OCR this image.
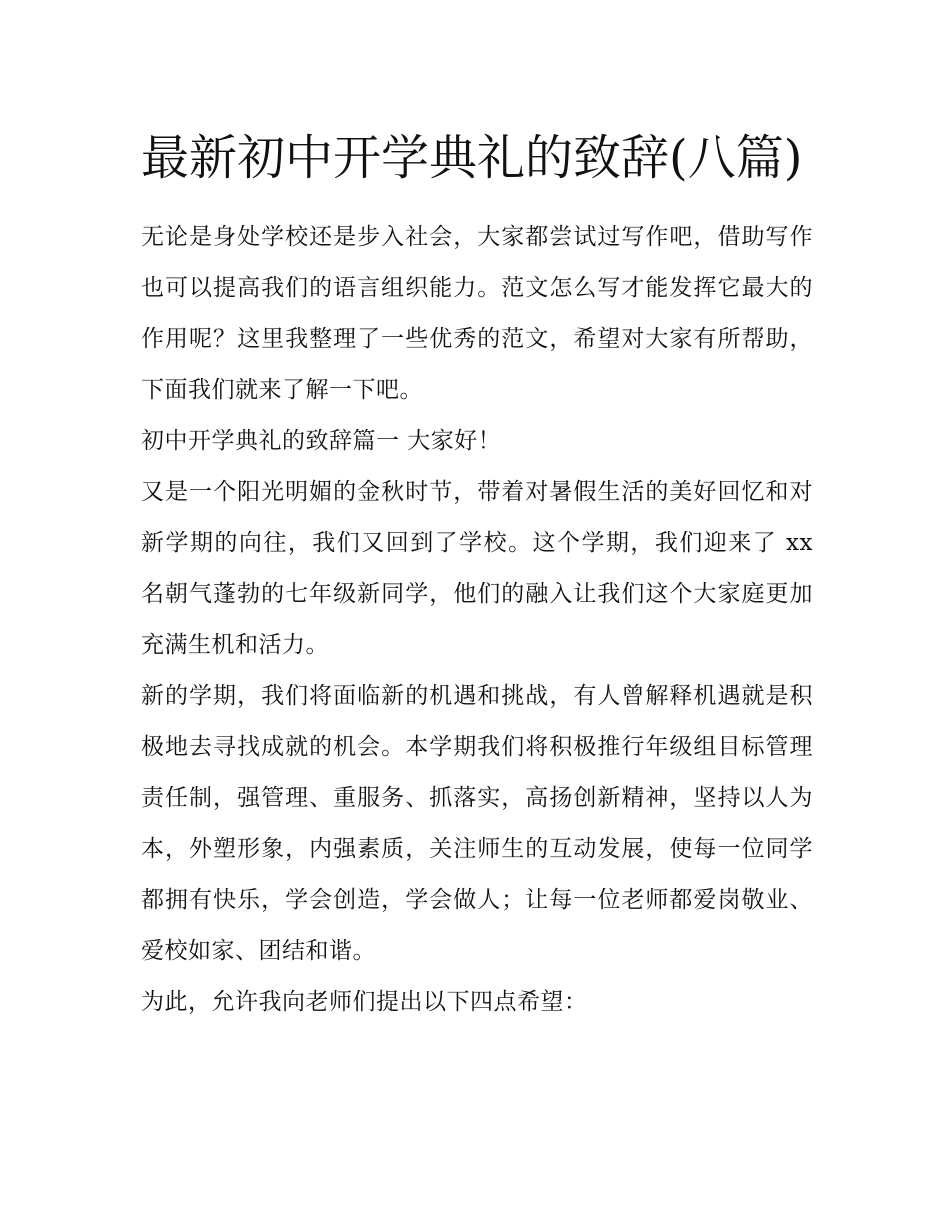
最新初中开学典礼的致辞(八篇)

无论是身处学校还是步入社会，大家都尝试过写作吧，借助写作也可以提高我们的语言组织能力。范文怎么写才能发挥它最大的作用呢？这里我整理了一些优秀的范文，希望对大家有所帮助，下面我们就来了解一下吧。

初中开学典礼的致辞篇一 大家好！

又是一个阳光明媚的金秋时节，带着对暑假生活的美好回忆和对新学期的向往，我们又回到了学校。这个学期，我们迎来了 xx 名朝气蓬勃的七年级新同学，他们的融入让我们这个大家庭更加充满生机和活力。

新的学期，我们将面临新的机遇和挑战，有人曾解释机遇就是积极地去寻找成就的机会。本学期我们将积极推行年级组目标管理责任制，强管理、重服务、抓落实，高扬创新精神，坚持以人为本，外塑形象，内强素质，关注师生的互动发展，使每一位同学都拥有快乐，学会创造，学会做人；让每一位老师都爱岗敬业、爱校如家、团结和谐。

为此，允许我向老师们提出以下四点希望：
